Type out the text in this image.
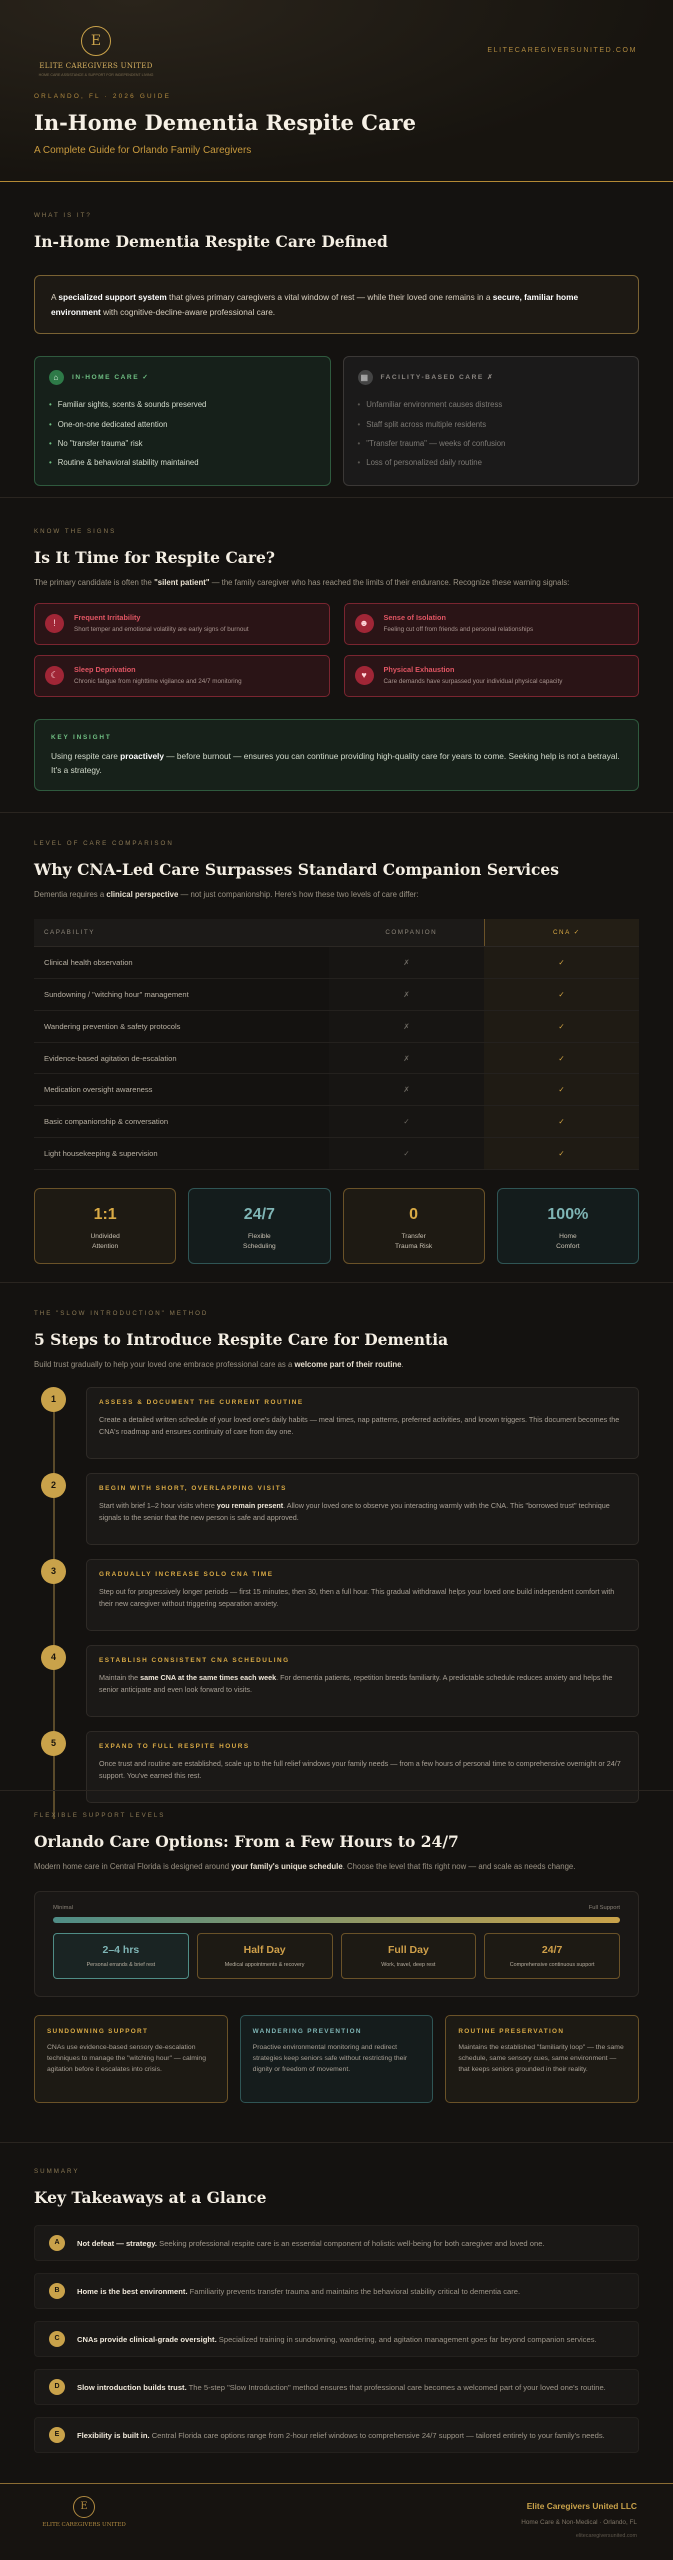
E
ELITE CAREGIVERS UNITED
HOME CARE ASSISTANCE & SUPPORT FOR INDEPENDENT LIVING
ELITECAREGIVERSUNITED.COM
ORLANDO, FL · 2026 GUIDE
In-Home Dementia Respite Care
A Complete Guide for Orlando Family Caregivers
WHAT IS IT?
In-Home Dementia Respite Care Defined
A specialized support system that gives primary caregivers a vital window of rest — while their loved one remains in a secure, familiar home environment with cognitive-decline-aware professional care.
⌂	IN-HOME CARE ✓
• Familiar sights, scents & sounds preserved
• One-on-one dedicated attention
• No "transfer trauma" risk
• Routine & behavioral stability maintained
▦	FACILITY-BASED CARE ✗
• Unfamiliar environment causes distress
• Staff split across multiple residents
• "Transfer trauma" — weeks of confusion
• Loss of personalized daily routine
KNOW THE SIGNS
Is It Time for Respite Care?
The primary candidate is often the "silent patient" — the family caregiver who has reached the limits of their endurance. Recognize these warning signals:
!
Frequent Irritability
Short temper and emotional volatility are early signs of burnout
☻
Sense of Isolation
Feeling cut off from friends and personal relationships
☾
Sleep Deprivation
Chronic fatigue from nighttime vigilance and 24/7 monitoring
♥
Physical Exhaustion
Care demands have surpassed your individual physical capacity
KEY INSIGHT

Using respite care proactively — before burnout — ensures you can continue providing high-quality care for years to come. Seeking help is not a betrayal. It's a strategy.

LEVEL OF CARE COMPARISON
Why CNA-Led Care Surpasses Standard Companion Services
Dementia requires a clinical perspective — not just companionship. Here's how these two levels of care differ:
CAPABILITY	COMPANION	CNA ✓
Clinical health observation	✗	✓
Sundowning / "witching hour" management	✗	✓
Wandering prevention & safety protocols	✗	✓
Evidence-based agitation de-escalation	✗	✓
Medication oversight awareness	✗	✓
Basic companionship & conversation	✓	✓
Light housekeeping & supervision	✓	✓
1:1
Undivided
Attention
24/7
Flexible
Scheduling
0
Transfer
Trauma Risk
100%
Home
Comfort
THE "SLOW INTRODUCTION" METHOD
5 Steps to Introduce Respite Care for Dementia
Build trust gradually to help your loved one embrace professional care as a welcome part of their routine.
1	ASSESS & DOCUMENT THE CURRENT ROUTINE

Create a detailed written schedule of your loved one's daily habits — meal times, nap patterns, preferred activities, and known triggers. This document becomes the CNA's roadmap and ensures continuity of care from day one.

2	BEGIN WITH SHORT, OVERLAPPING VISITS

Start with brief 1–2 hour visits where you remain present. Allow your loved one to observe you interacting warmly with the CNA. This "borrowed trust" technique signals to the senior that the new person is safe and approved.

3	GRADUALLY INCREASE SOLO CNA TIME

Step out for progressively longer periods — first 15 minutes, then 30, then a full hour. This gradual withdrawal helps your loved one build independent comfort with their new caregiver without triggering separation anxiety.

4	ESTABLISH CONSISTENT CNA SCHEDULING

Maintain the same CNA at the same times each week. For dementia patients, repetition breeds familiarity. A predictable schedule reduces anxiety and helps the senior anticipate and even look forward to visits.

5	EXPAND TO FULL RESPITE HOURS

Once trust and routine are established, scale up to the full relief windows your family needs — from a few hours of personal time to comprehensive overnight or 24/7 support. You've earned this rest.

FLEXIBLE SUPPORT LEVELS
Orlando Care Options: From a Few Hours to 24/7
Modern home care in Central Florida is designed around your family's unique schedule. Choose the level that fits right now — and scale as needs change.
Minimal	Full Support
2–4 hrs
Personal errands & brief rest
Half Day
Medical appointments & recovery
Full Day
Work, travel, deep rest
24/7
Comprehensive continuous support
SUNDOWNING SUPPORT

CNAs use evidence-based sensory de-escalation techniques to manage the "witching hour" — calming agitation before it escalates into crisis.

WANDERING PREVENTION

Proactive environmental monitoring and redirect strategies keep seniors safe without restricting their dignity or freedom of movement.

ROUTINE PRESERVATION

Maintains the established "familiarity loop" — the same schedule, same sensory cues, same environment — that keeps seniors grounded in their reality.

SUMMARY
Key Takeaways at a Glance
A	Not defeat — strategy. Seeking professional respite care is an essential component of holistic well-being for both caregiver and loved one.

B	Home is the best environment. Familiarity prevents transfer trauma and maintains the behavioral stability critical to dementia care.

C	CNAs provide clinical-grade oversight. Specialized training in sundowning, wandering, and agitation management goes far beyond companion services.

D	Slow introduction builds trust. The 5-step "Slow Introduction" method ensures that professional care becomes a welcomed part of your loved one's routine.

E	Flexibility is built in. Central Florida care options range from 2-hour relief windows to comprehensive 24/7 support — tailored entirely to your family's needs.

E
ELITE CAREGIVERS UNITED
Elite Caregivers United LLC
Home Care & Non-Medical · Orlando, FL
elitecaregiversunited.com
